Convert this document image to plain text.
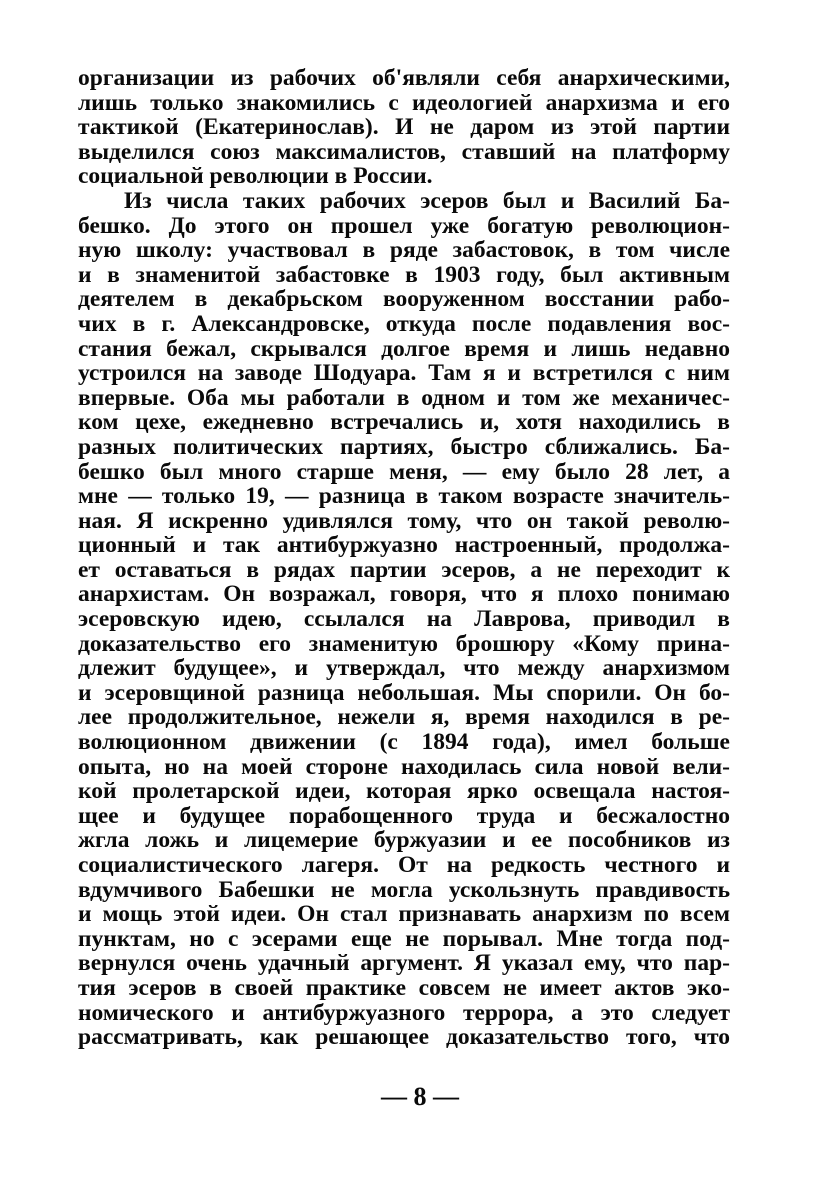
организации из рабочих об'являли себя анархическими,
лишь только знакомились с идеологией анархизма и его
тактикой (Екатеринослав). И не даром из этой партии
выделился союз максималистов, ставший на платформу
социальной революции в России.
Из числа таких рабочих эсеров был и Василий Ба-
бешко. До этого он прошел уже богатую революцион-
ную школу: участвовал в ряде забастовок, в том числе
и в знаменитой забастовке в 1903 году, был активным
деятелем в декабрьском вооруженном восстании рабо-
чих в г. Александровске, откуда после подавления вос-
стания бежал, скрывался долгое время и лишь недавно
устроился на заводе Шодуара. Там я и встретился с ним
впервые. Оба мы работали в одном и том же механичес-
ком цехе, ежедневно встречались и, хотя находились в
разных политических партиях, быстро сближались. Ба-
бешко был много старше меня, — ему было 28 лет, а
мне — только 19, — разница в таком возрасте значитель-
ная. Я искренно удивлялся тому, что он такой револю-
ционный и так антибуржуазно настроенный, продолжа-
ет оставаться в рядах партии эсеров, а не переходит к
анархистам. Он возражал, говоря, что я плохо понимаю
эсеровскую идею, ссылался на Лаврова, приводил в
доказательство его знаменитую брошюру «Кому прина-
длежит будущее», и утверждал, что между анархизмом
и эсеровщиной разница небольшая. Мы спорили. Он бо-
лее продолжительное, нежели я, время находился в ре-
волюционном движении (с 1894 года), имел больше
опыта, но на моей стороне находилась сила новой вели-
кой пролетарской идеи, которая ярко освещала настоя-
щее и будущее порабощенного труда и бесжалостно
жгла ложь и лицемерие буржуазии и ее пособников из
социалистического лагеря. От на редкость честного и
вдумчивого Бабешки не могла ускользнуть правдивость
и мощь этой идеи. Он стал признавать анархизм по всем
пунктам, но с эсерами еще не порывал. Мне тогда под-
вернулся очень удачный аргумент. Я указал ему, что пар-
тия эсеров в своей практике совсем не имеет актов эко-
номического и антибуржуазного террора, а это следует
рассматривать, как решающее доказательство того, что
— 8 —
